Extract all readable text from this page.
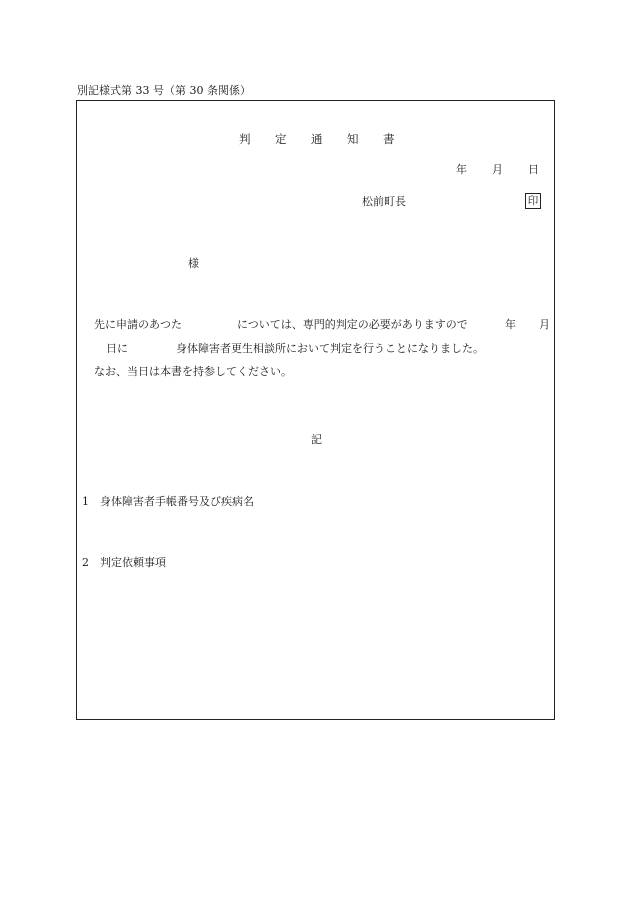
別記様式第 33 号（第 30 条関係）
判 定 通 知 書
年 月 日
松前町長	印
様
先に申請のあつた	については、専門的判定の必要がありますので	年 月
日に	身体障害者更生相談所において判定を行うことになりました。
なお、当日は本書を持参してください。
記
1 身体障害者手帳番号及び疾病名
2 判定依頼事項
